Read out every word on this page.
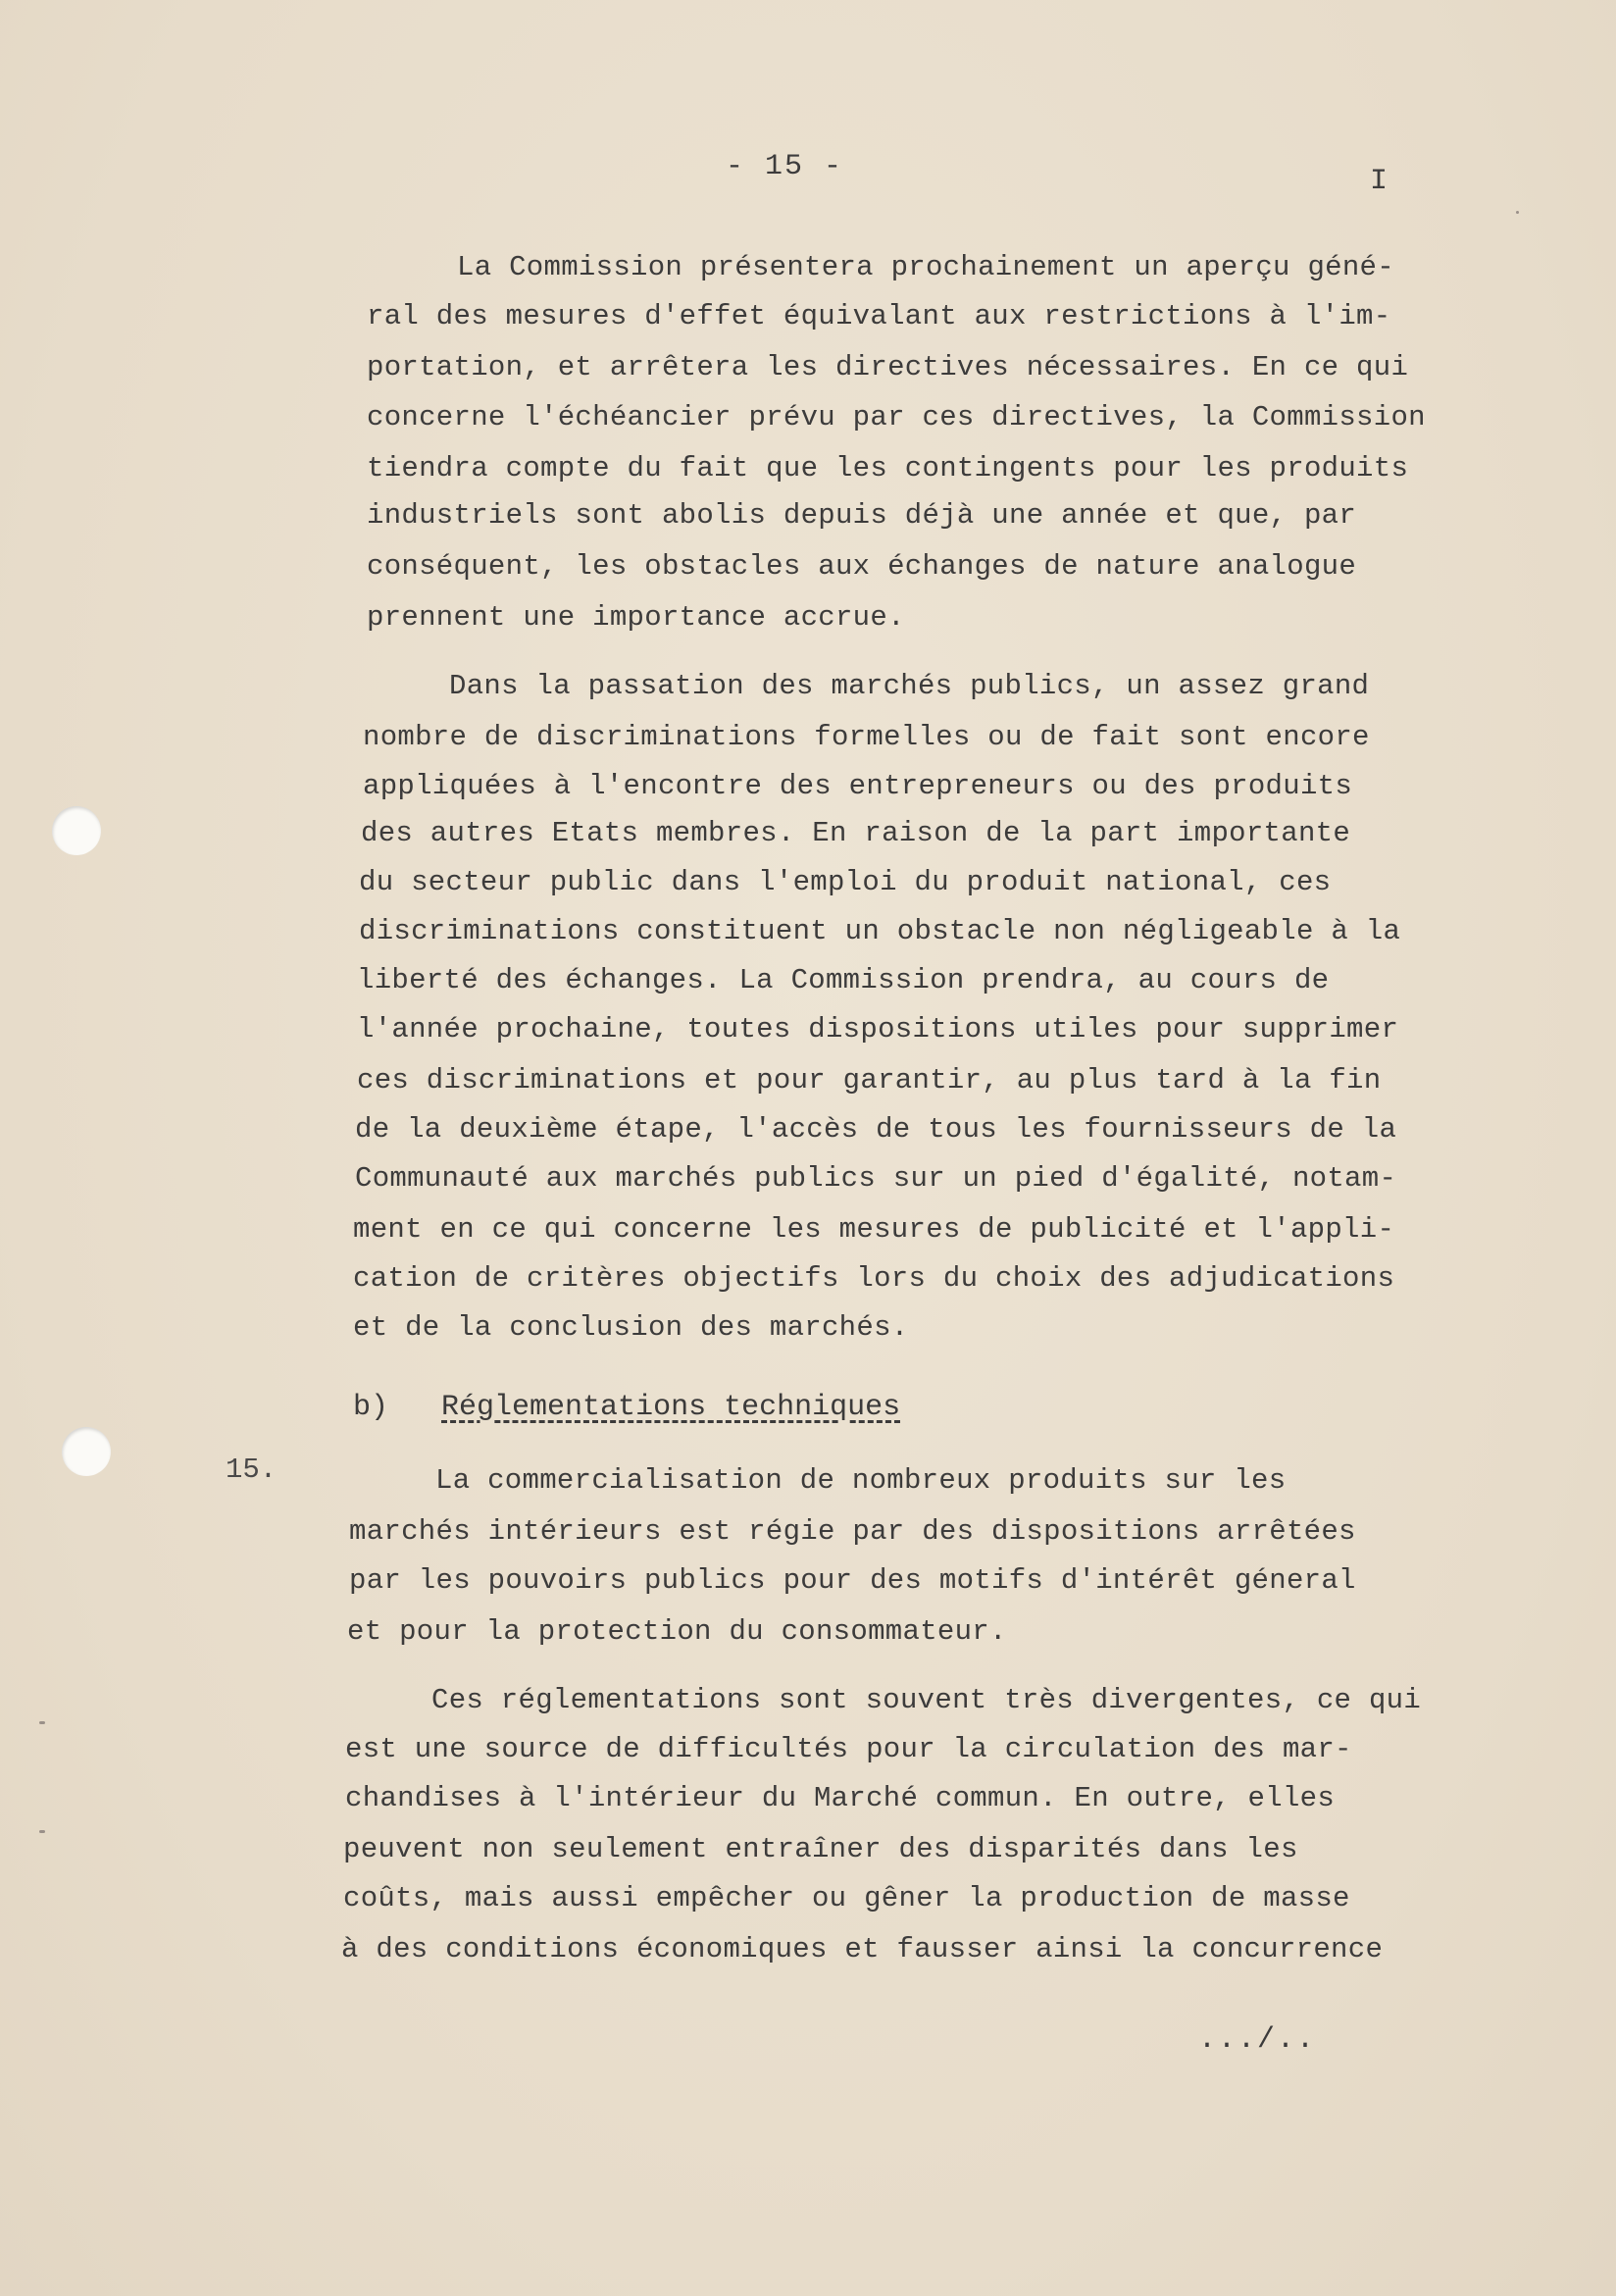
- 15 -	I
La Commission présentera prochainement un aperçu géné-
ral des mesures d'effet équivalant aux restrictions à l'im-
portation, et arrêtera les directives nécessaires. En ce qui
concerne l'échéancier prévu par ces directives, la Commission
tiendra compte du fait que les contingents pour les produits
industriels sont abolis depuis déjà une année et que, par
conséquent, les obstacles aux échanges de nature analogue
prennent une importance accrue.
Dans la passation des marchés publics, un assez grand
nombre de discriminations formelles ou de fait sont encore
appliquées à l'encontre des entrepreneurs ou des produits
des autres Etats membres. En raison de la part importante
du secteur public dans l'emploi du produit national, ces
discriminations constituent un obstacle non négligeable à la
liberté des échanges. La Commission prendra, au cours de
l'année prochaine, toutes dispositions utiles pour supprimer
ces discriminations et pour garantir, au plus tard à la fin
de la deuxième étape, l'accès de tous les fournisseurs de la
Communauté aux marchés publics sur un pied d'égalité, notam-
ment en ce qui concerne les mesures de publicité et l'appli-
cation de critères objectifs lors du choix des adjudications
et de la conclusion des marchés.
b) Réglementations techniques
15.	La commercialisation de nombreux produits sur les
marchés intérieurs est régie par des dispositions arrêtées
par les pouvoirs publics pour des motifs d'intérêt géneral
et pour la protection du consommateur.
Ces réglementations sont souvent très divergentes, ce qui
est une source de difficultés pour la circulation des mar-
chandises à l'intérieur du Marché commun. En outre, elles
peuvent non seulement entraîner des disparités dans les
coûts, mais aussi empêcher ou gêner la production de masse
à des conditions économiques et fausser ainsi la concurrence
.../..
